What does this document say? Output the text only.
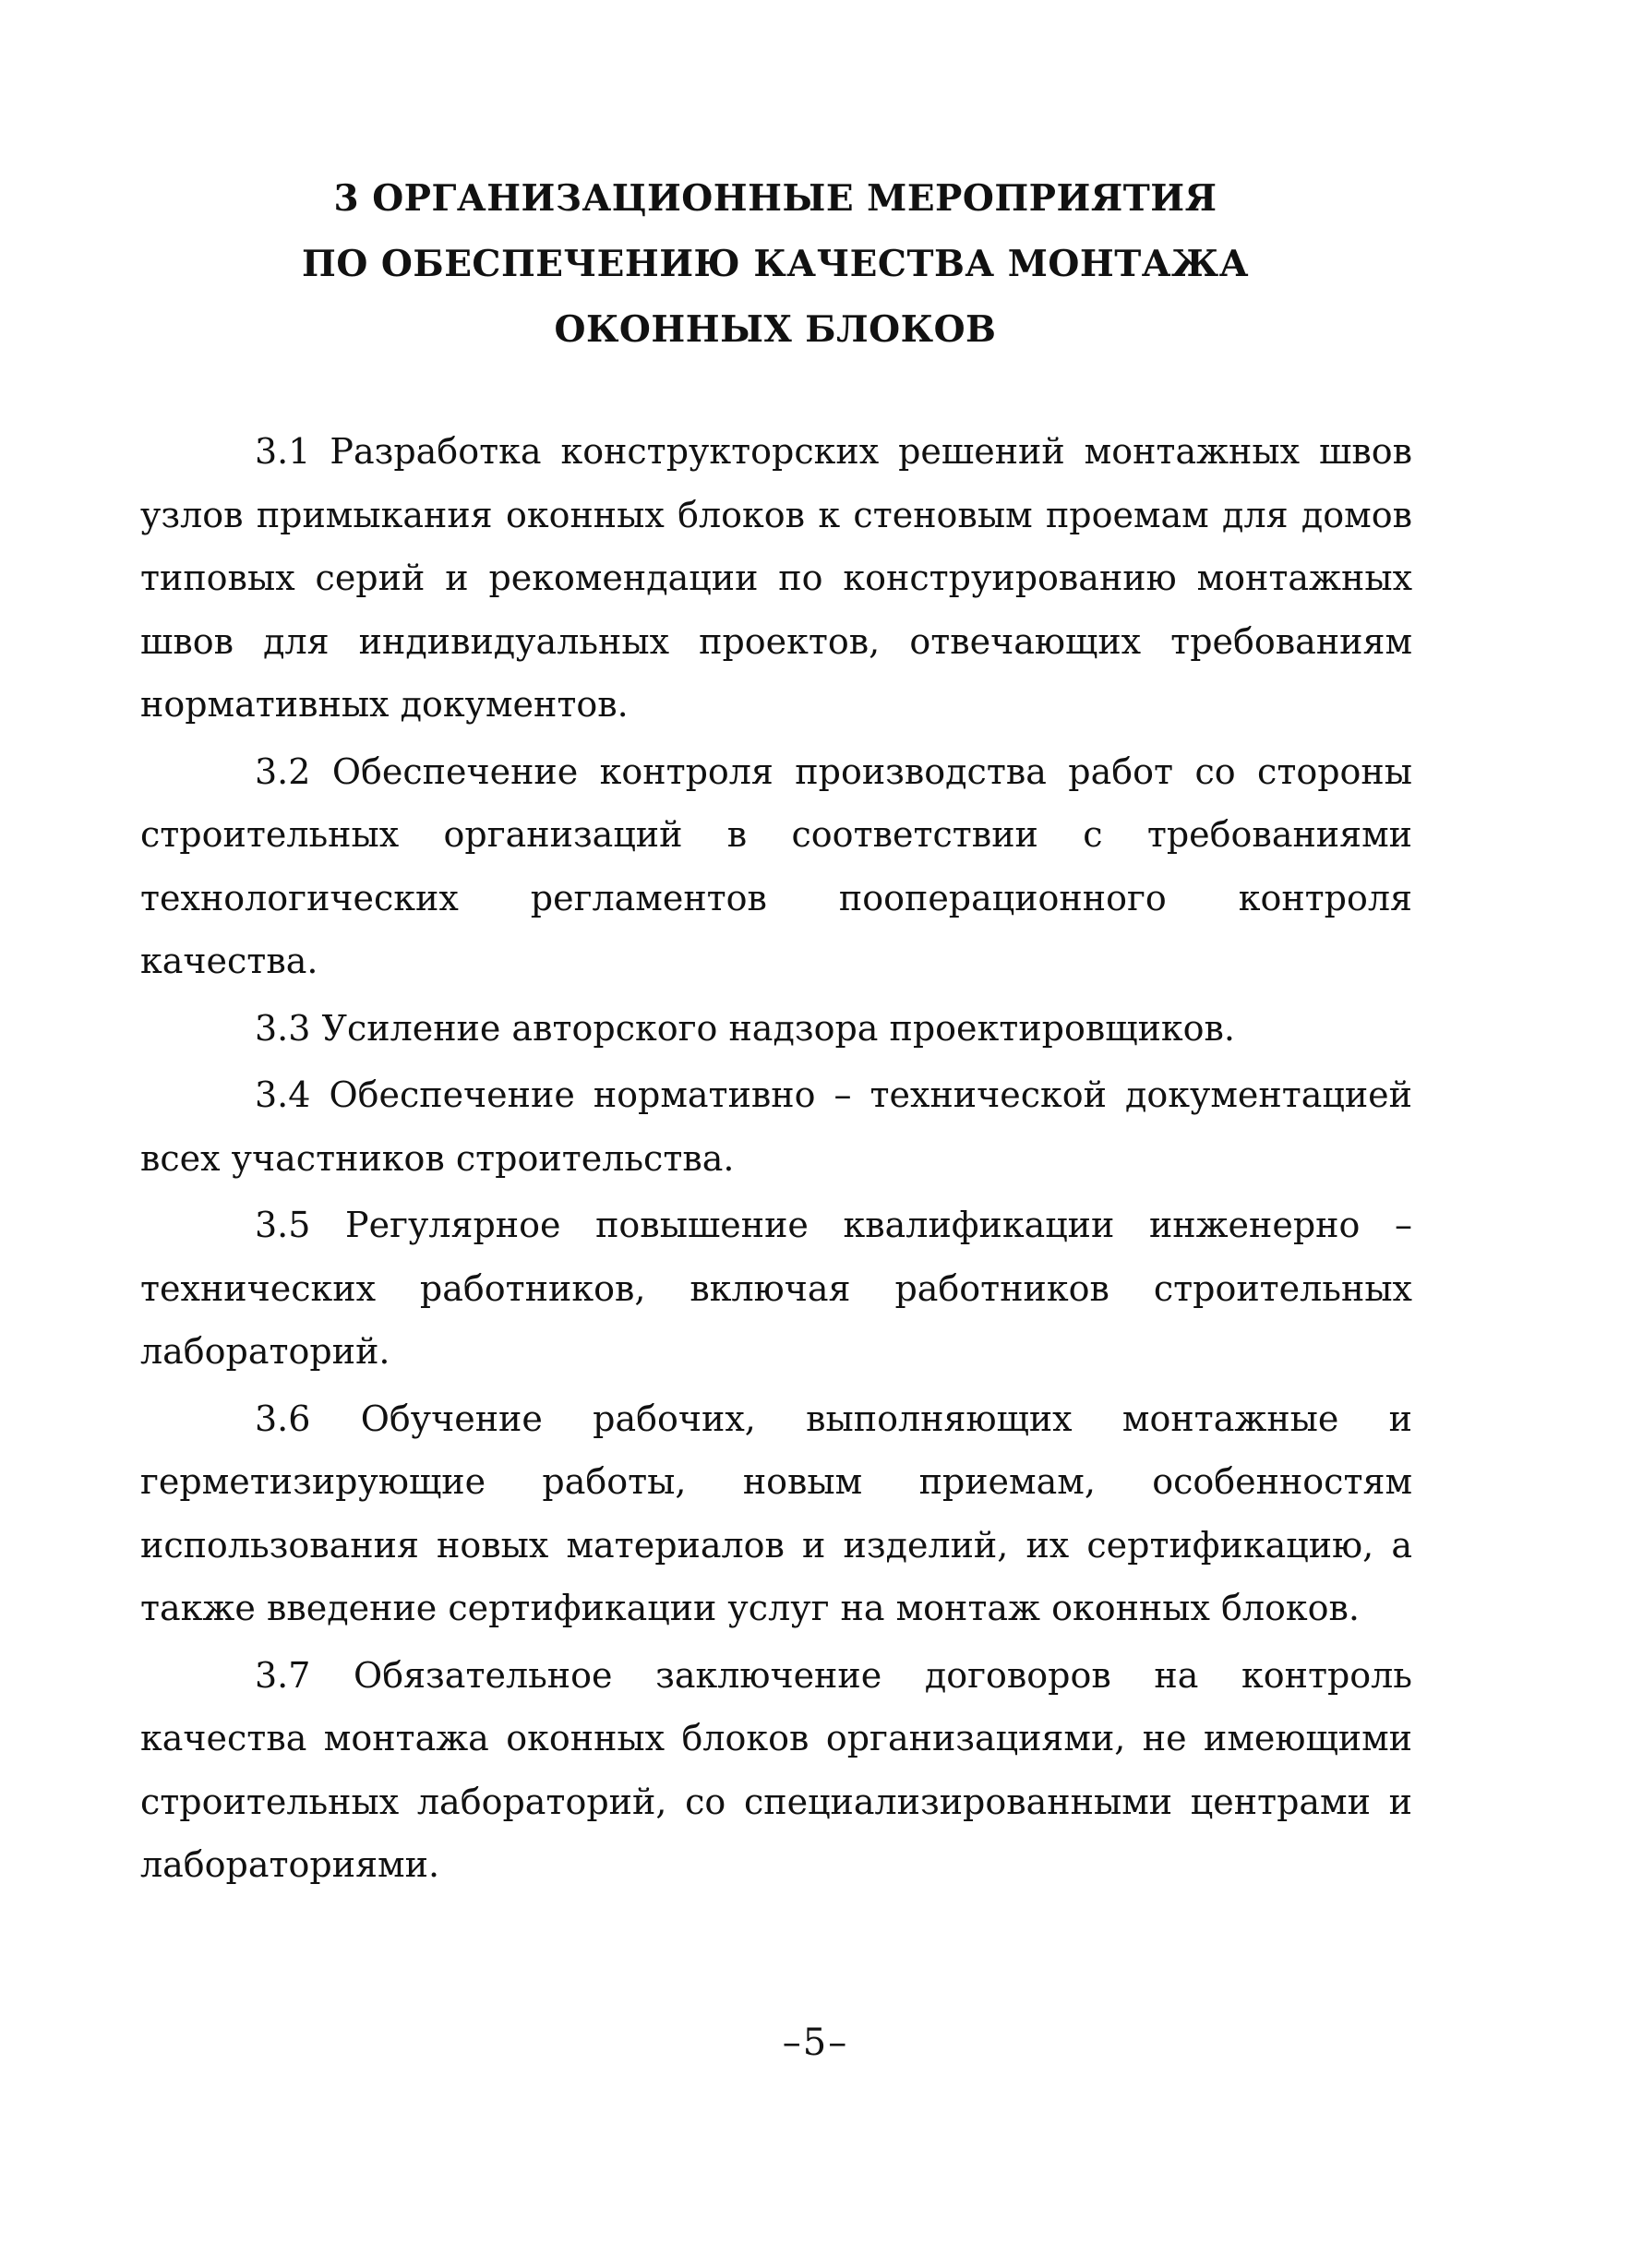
3 ОРГАНИЗАЦИОННЫЕ МЕРОПРИЯТИЯ
ПО ОБЕСПЕЧЕНИЮ КАЧЕСТВА МОНТАЖА
ОКОННЫХ БЛОКОВ

3.1 Разработка конструкторских решений монтажных швов узлов примыкания оконных блоков к стеновым проемам для домов типовых серий и рекомендации по конструированию монтажных швов для индивидуальных проектов, отвечающих требованиям нормативных документов.

3.2 Обеспечение контроля производства работ со стороны строительных организаций в соответствии с требованиями технологических регламентов пооперационного контроля качества.

3.3 Усиление авторского надзора проектировщиков.

3.4 Обеспечение нормативно – технической документацией всех участников строительства.

3.5 Регулярное повышение квалификации инженерно – технических работников, включая работников строительных лабораторий.

3.6 Обучение рабочих, выполняющих монтажные и герметизирующие работы, новым приемам, особенностям использования новых материалов и изделий, их сертификацию, а также введение сертификации услуг на монтаж оконных блоков.

3.7 Обязательное заключение договоров на контроль качества монтажа оконных блоков организациями, не имеющими строительных лабораторий, со специализированными центрами и лабораториями.

–5–
